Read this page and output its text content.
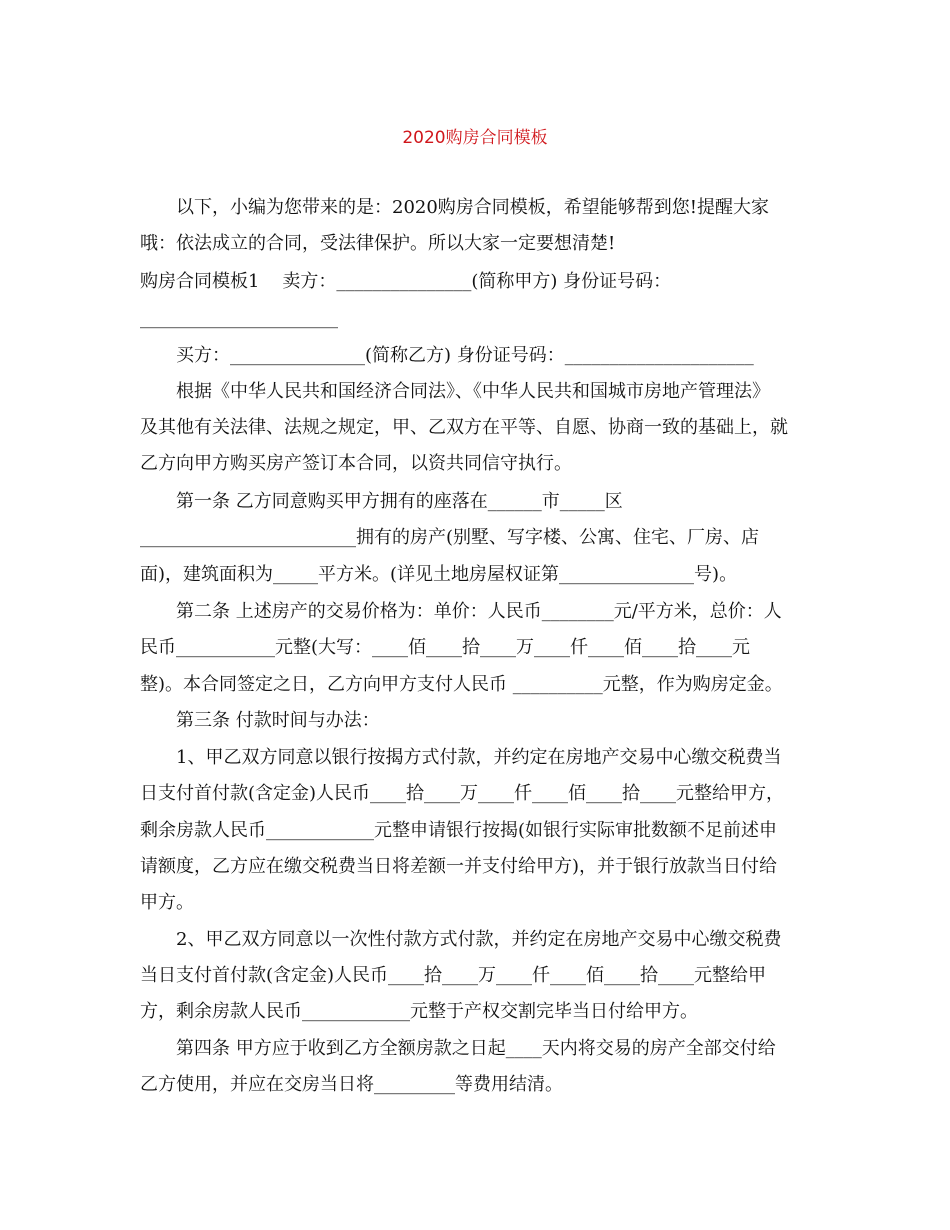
2020购房合同模板

以下，小编为您带来的是：2020购房合同模板，希望能够帮到您!提醒大家

哦：依法成立的合同，受法律保护。所以大家一定要想清楚!

购房合同模板1    卖方：_______________(简称甲方) 身份证号码：

______________________

买方：_______________(简称乙方) 身份证号码：_____________________

根据《中华人民共和国经济合同法》、《中华人民共和国城市房地产管理法》

及其他有关法律、法规之规定，甲、乙双方在平等、自愿、协商一致的基础上，就

乙方向甲方购买房产签订本合同，以资共同信守执行。

第一条 乙方同意购买甲方拥有的座落在______市_____区

________________________拥有的房产(别墅、写字楼、公寓、住宅、厂房、店

面)，建筑面积为_____平方米。(详见土地房屋权证第_______________号)。

第二条 上述房产的交易价格为：单价：人民币________元/平方米，总价：人

民币___________元整(大写：____佰____拾____万____仟____佰____拾____元

整)。本合同签定之日，乙方向甲方支付人民币 __________元整，作为购房定金。

第三条 付款时间与办法：

1、甲乙双方同意以银行按揭方式付款，并约定在房地产交易中心缴交税费当

日支付首付款(含定金)人民币____拾____万____仟____佰____拾____元整给甲方，

剩余房款人民币____________元整申请银行按揭(如银行实际审批数额不足前述申

请额度，乙方应在缴交税费当日将差额一并支付给甲方)，并于银行放款当日付给

甲方。

2、甲乙双方同意以一次性付款方式付款，并约定在房地产交易中心缴交税费

当日支付首付款(含定金)人民币____拾____万____仟____佰____拾____元整给甲

方，剩余房款人民币____________元整于产权交割完毕当日付给甲方。

第四条 甲方应于收到乙方全额房款之日起____天内将交易的房产全部交付给

乙方使用，并应在交房当日将_________等费用结清。
